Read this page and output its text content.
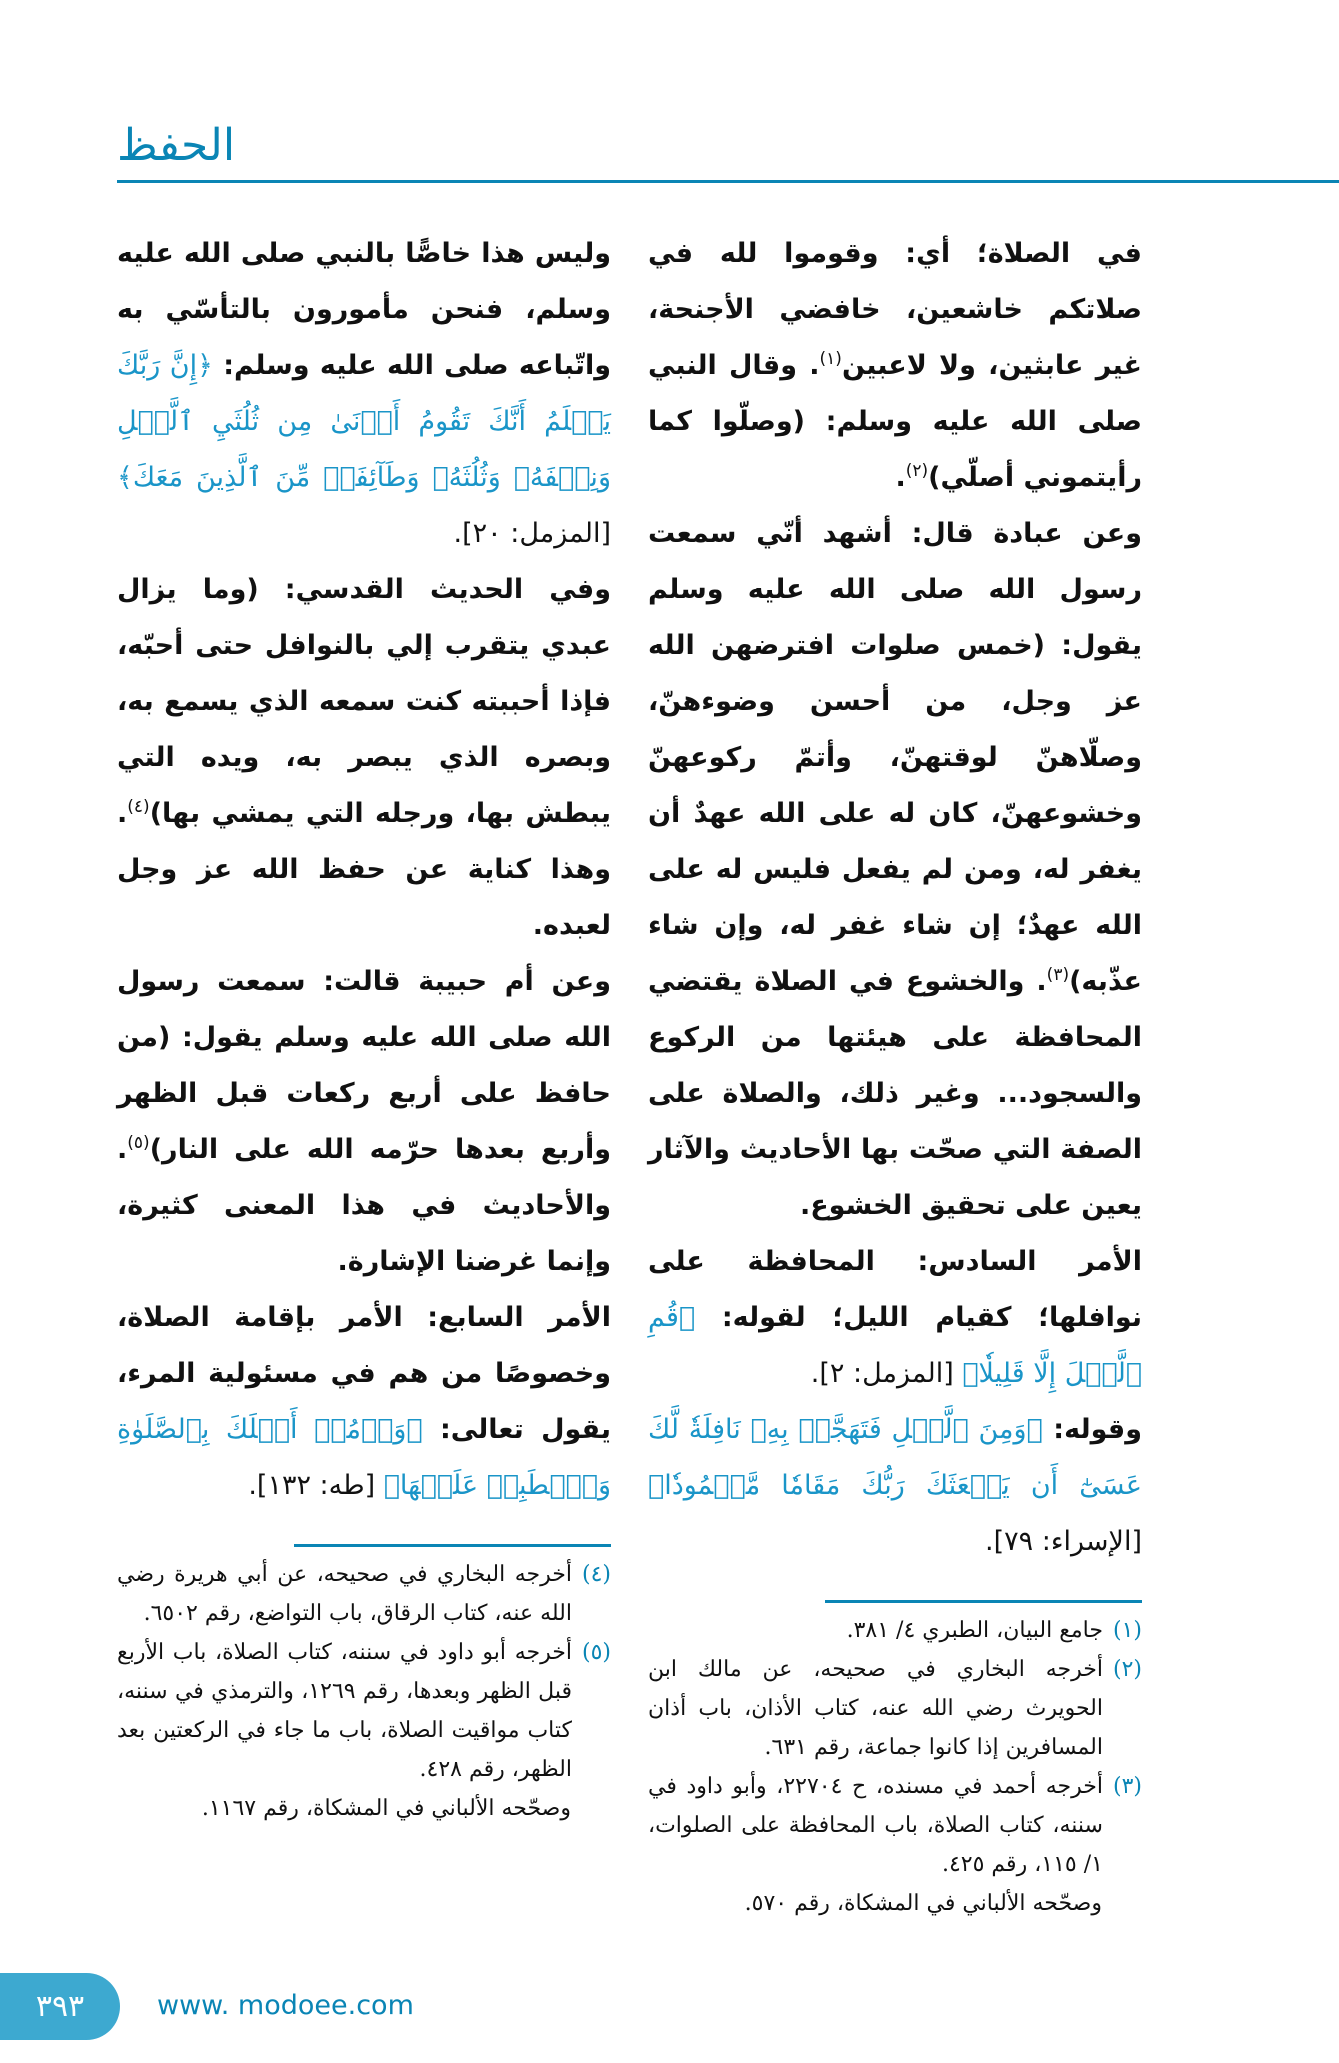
الحفظ

في الصلاة؛ أي: وقوموا لله في صلاتكم خاشعين، خافضي الأجنحة، غير عابثين، ولا لاعبين$^{(١)}$. وقال النبي صلى الله عليه وسلم: (وصلّوا كما رأيتموني أصلّي)$^{(٢)}$.

وعن عبادة قال: أشهد أنّي سمعت رسول الله صلى الله عليه وسلم يقول: (خمس صلوات افترضهن الله عز وجل، من أحسن وضوءهنّ، وصلّاهنّ لوقتهنّ، وأتمّ ركوعهنّ وخشوعهنّ، كان له على الله عهدٌ أن يغفر له، ومن لم يفعل فليس له على الله عهدٌ؛ إن شاء غفر له، وإن شاء عذّبه)$^{(٣)}$. والخشوع في الصلاة يقتضي المحافظة على هيئتها من الركوع والسجود... وغير ذلك، والصلاة على الصفة التي صحّت بها الأحاديث والآثار يعين على تحقيق الخشوع.

الأمر السادس: المحافظة على نوافلها؛ كقيام الليل؛ لقوله: ﴿قُمِ ٱلَّيۡلَ إِلَّا قَلِيلٗا﴾ [المزمل: ٢].

وقوله: ﴿وَمِنَ ٱلَّيۡلِ فَتَهَجَّدۡ بِهِۦ نَافِلَةٗ لَّكَ عَسَىٰٓ أَن يَبۡعَثَكَ رَبُّكَ مَقَامٗا مَّحۡمُودٗا﴾[الإسراء: ٧٩].

(١)
جامع البيان، الطبري ٤/ ٣٨١.
(٢)
أخرجه البخاري في صحيحه، عن مالك ابن الحويرث رضي الله عنه، كتاب الأذان، باب أذان المسافرين إذا كانوا جماعة، رقم ٦٣١.
(٣)
أخرجه أحمد في مسنده، ح ٢٢٧٠٤، وأبو داود في سننه، كتاب الصلاة، باب المحافظة على الصلوات، ١/ ١١٥، رقم ٤٢٥.
وصحّحه الألباني في المشكاة، رقم ٥٧٠.

وليس هذا خاصًّا بالنبي صلى الله عليه وسلم، فنحن مأمورون بالتأسّي به واتّباعه صلى الله عليه وسلم: ﴿إِنَّ رَبَّكَ يَعۡلَمُ أَنَّكَ تَقُومُ أَدۡنَىٰ مِن ثُلُثَيِ ٱلَّيۡلِ وَنِصۡفَهُۥ وَثُلُثَهُۥ وَطَآئِفَةٞ مِّنَ ٱلَّذِينَ مَعَكَ﴾ [المزمل: ٢٠].

وفي الحديث القدسي: (وما يزال عبدي يتقرب إلي بالنوافل حتى أحبّه، فإذا أحببته كنت سمعه الذي يسمع به، وبصره الذي يبصر به، ويده التي يبطش بها، ورجله التي يمشي بها)$^{(٤)}$. وهذا كناية عن حفظ الله عز وجل لعبده.

وعن أم حبيبة قالت: سمعت رسول الله صلى الله عليه وسلم يقول: (من حافظ على أربع ركعات قبل الظهر وأربع بعدها حرّمه الله على النار)$^{(٥)}$. والأحاديث في هذا المعنى كثيرة، وإنما غرضنا الإشارة.

الأمر السابع: الأمر بإقامة الصلاة، وخصوصًا من هم في مسئولية المرء، يقول تعالى: ﴿وَأۡمُرۡ أَهۡلَكَ بِٱلصَّلَوٰةِ وَٱصۡطَبِرۡ عَلَيۡهَا﴾ [طه: ١٣٢].

(٤)
أخرجه البخاري في صحيحه، عن أبي هريرة رضي الله عنه، كتاب الرقاق، باب التواضع، رقم ٦٥٠٢.
(٥)
أخرجه أبو داود في سننه، كتاب الصلاة، باب الأربع قبل الظهر وبعدها، رقم ١٢٦٩، والترمذي في سننه، كتاب مواقيت الصلاة، باب ما جاء في الركعتين بعد الظهر، رقم ٤٢٨.
وصحّحه الألباني في المشكاة، رقم ١١٦٧.
٣٩٣	www. modoee.com
